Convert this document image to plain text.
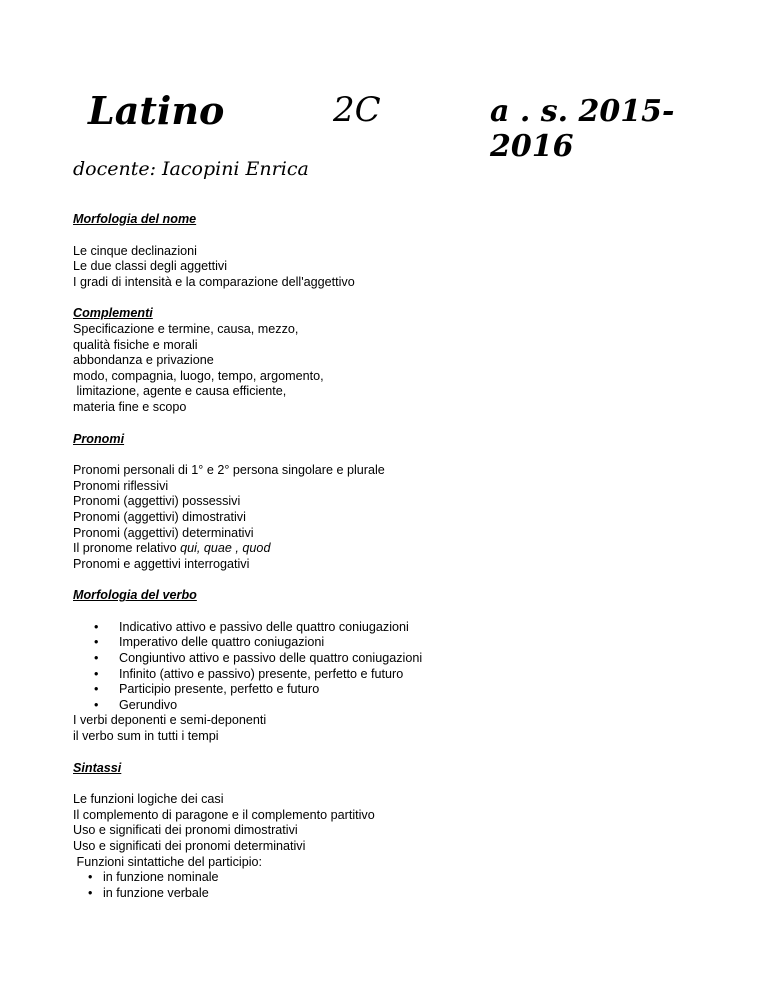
Latino	2C	a . s. 2015-2016
docente: Iacopini Enrica

Morfologia del nome

Le cinque declinazioni

Le due classi degli aggettivi

I gradi di intensità e la comparazione dell'aggettivo

Complementi

Specificazione e termine, causa, mezzo,

qualità fisiche e morali

abbondanza e privazione

modo, compagnia, luogo, tempo, argomento,

limitazione, agente e causa efficiente,

materia fine e scopo

Pronomi

Pronomi personali di 1° e 2° persona singolare e plurale

Pronomi riflessivi

Pronomi (aggettivi) possessivi

Pronomi (aggettivi) dimostrativi

Pronomi (aggettivi) determinativi

Il pronome relativo qui, quae , quod

Pronomi e aggettivi interrogativi

Morfologia del verbo

• Indicativo attivo e passivo delle quattro coniugazioni
• Imperativo delle quattro coniugazioni
• Congiuntivo attivo e passivo delle quattro coniugazioni
• Infinito (attivo e passivo) presente, perfetto e futuro
• Participio presente, perfetto e futuro
• Gerundivo

I verbi deponenti e semi-deponenti

il verbo sum in tutti i tempi

Sintassi

Le funzioni logiche dei casi

Il complemento di paragone e il complemento partitivo

Uso e significati dei pronomi dimostrativi

Uso e significati dei pronomi determinativi

Funzioni sintattiche del participio:

• in funzione nominale
• in funzione verbale
